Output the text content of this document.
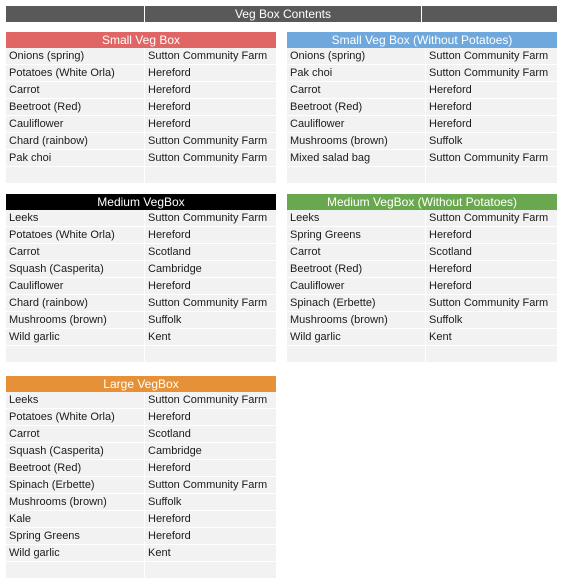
Veg Box Contents
Small Veg Box
Onions (spring)	Sutton Community Farm
Potatoes (White Orla)	Hereford
Carrot	Hereford
Beetroot (Red)	Hereford
Cauliflower	Hereford
Chard (rainbow)	Sutton Community Farm
Pak choi	Sutton Community Farm
Small Veg Box (Without Potatoes)
Onions (spring)	Sutton Community Farm
Pak choi	Sutton Community Farm
Carrot	Hereford
Beetroot (Red)	Hereford
Cauliflower	Hereford
Mushrooms (brown)	Suffolk
Mixed salad bag	Sutton Community Farm
Medium VegBox
Leeks	Sutton Community Farm
Potatoes (White Orla)	Hereford
Carrot	Scotland
Squash (Casperita)	Cambridge
Cauliflower	Hereford
Chard (rainbow)	Sutton Community Farm
Mushrooms (brown)	Suffolk
Wild garlic	Kent
Medium VegBox (Without Potatoes)
Leeks	Sutton Community Farm
Spring Greens	Hereford
Carrot	Scotland
Beetroot (Red)	Hereford
Cauliflower	Hereford
Spinach (Erbette)	Sutton Community Farm
Mushrooms (brown)	Suffolk
Wild garlic	Kent
Large VegBox
Leeks	Sutton Community Farm
Potatoes (White Orla)	Hereford
Carrot	Scotland
Squash (Casperita)	Cambridge
Beetroot (Red)	Hereford
Spinach (Erbette)	Sutton Community Farm
Mushrooms (brown)	Suffolk
Kale	Hereford
Spring Greens	Hereford
Wild garlic	Kent
